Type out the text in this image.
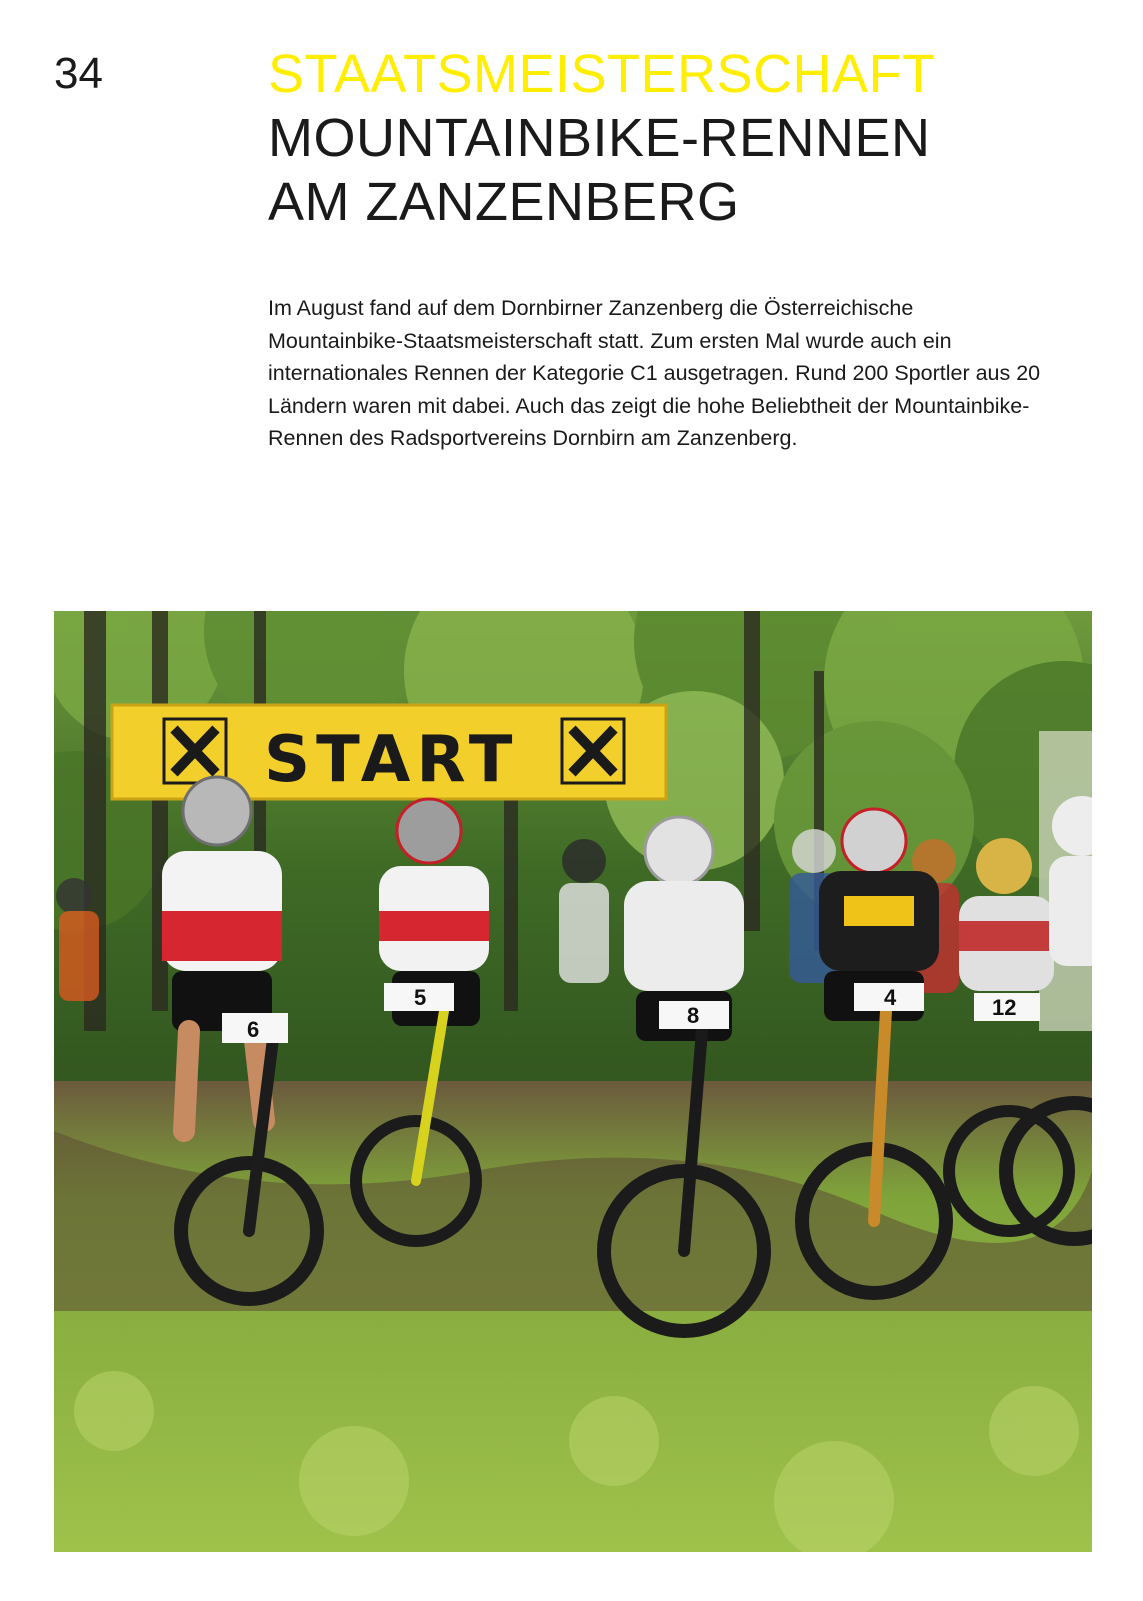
34	STAATSMEISTERSCHAFT
MOUNTAINBIKE-RENNEN
AM ZANZENBERG

Im August fand auf dem Dornbirner Zanzenberg die Österreichische Mountainbike-Staatsmeisterschaft statt. Zum ersten Mal wurde auch ein internationales Rennen der Kategorie C1 ausgetragen. Rund 200 Sportler aus 20 Ländern waren mit dabei. Auch das zeigt die hohe Beliebtheit der Mountainbike-Rennen des Radsportvereins Dornbirn am Zanzenberg.

START
6
5
8
4	12
